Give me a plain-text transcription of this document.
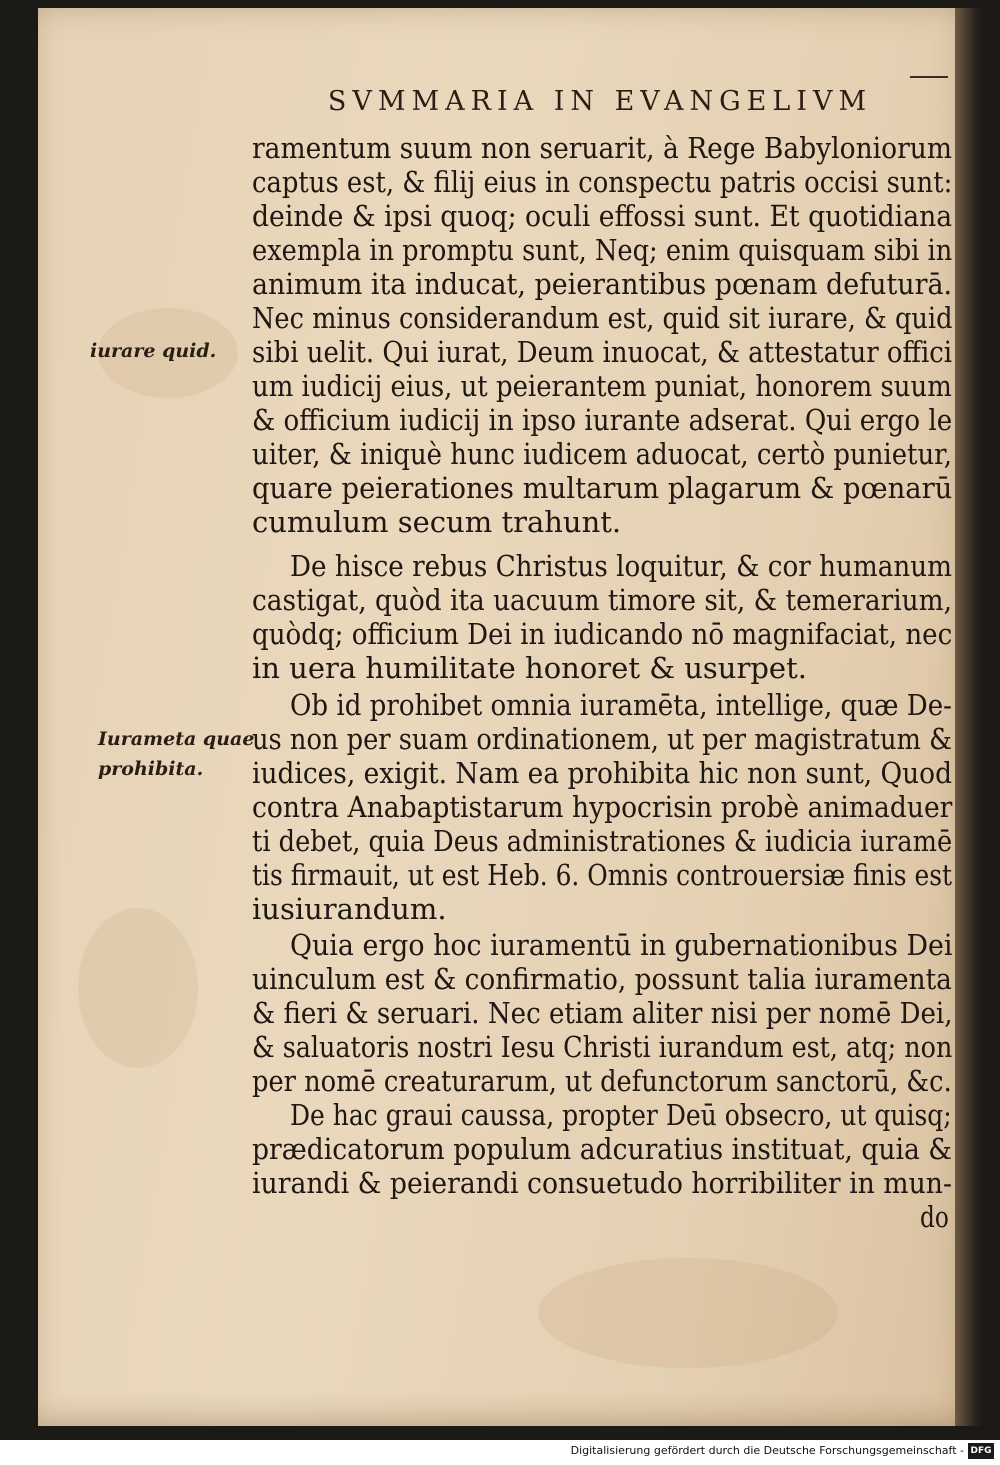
SVMMARIA IN EVANGELIVM
iurare quid.
Iurameta quae
prohibita.
ramentum suum non seruarit, à Rege Babyloniorum
captus est, & filij eius in conspectu patris occisi sunt:
deinde & ipsi quoq; oculi effossi sunt. Et quotidiana
exempla in promptu sunt, Neq; enim quisquam sibi in
animum ita inducat, peierantibus pœnam defuturā.
Nec minus considerandum est, quid sit iurare, & quid
sibi uelit. Qui iurat, Deum inuocat, & attestatur offici
um iudicij eius, ut peierantem puniat, honorem suum
& officium iudicij in ipso iurante adserat. Qui ergo le
uiter, & iniquè hunc iudicem aduocat, certò punietur,
quare peierationes multarum plagarum & pœnarū
cumulum secum trahunt.
De hisce rebus Christus loquitur, & cor humanum
castigat, quòd ita uacuum timore sit, & temerarium,
quòdq; officium Dei in iudicando nō magnifaciat, nec
in uera humilitate honoret & usurpet.
Ob id prohibet omnia iuramēta, intellige, quæ De-
us non per suam ordinationem, ut per magistratum &
iudices, exigit. Nam ea prohibita hic non sunt, Quod
contra Anabaptistarum hypocrisin probè animaduer
ti debet, quia Deus administrationes & iudicia iuramē
tis firmauit, ut est Heb. 6. Omnis controuersiæ finis est
iusiurandum.
Quia ergo hoc iuramentū in gubernationibus Dei
uinculum est & confirmatio, possunt talia iuramenta
& fieri & seruari. Nec etiam aliter nisi per nomē Dei,
& saluatoris nostri Iesu Christi iurandum est, atq; non
per nomē creaturarum, ut defunctorum sanctorū, &c.
De hac graui caussa, propter Deū obsecro, ut quisq;
prædicatorum populum adcuratius instituat, quia &
iurandi & peierandi consuetudo horribiliter in mun-
do
Digitalisierung gefördert durch die Deutsche Forschungsgemeinschaft - DFG
